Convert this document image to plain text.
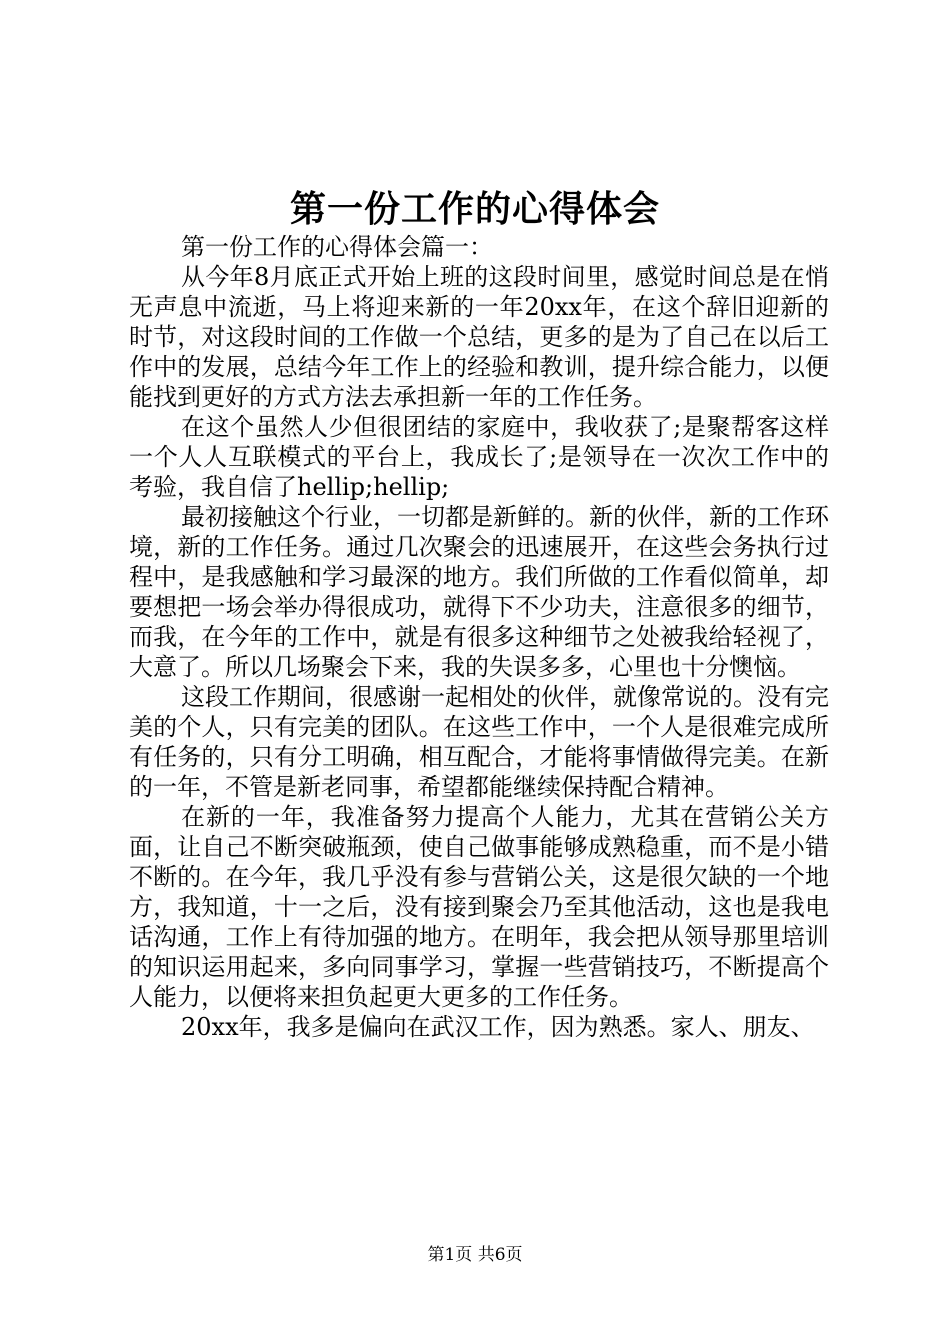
第一份工作的心得体会

第一份工作的心得体会篇一：

从今年8月底正式开始上班的这段时间里，感觉时间总是在悄无声息中流逝，马上将迎来新的一年20xx年，在这个辞旧迎新的时节，对这段时间的工作做一个总结，更多的是为了自己在以后工作中的发展，总结今年工作上的经验和教训，提升综合能力，以便能找到更好的方式方法去承担新一年的工作任务。

在这个虽然人少但很团结的家庭中，我收获了;是聚帮客这样一个人人互联模式的平台上，我成长了;是领导在一次次工作中的考验，我自信了hellip;hellip;

最初接触这个行业，一切都是新鲜的。新的伙伴，新的工作环境，新的工作任务。通过几次聚会的迅速展开，在这些会务执行过程中，是我感触和学习最深的地方。我们所做的工作看似简单，却要想把一场会举办得很成功，就得下不少功夫，注意很多的细节，而我，在今年的工作中，就是有很多这种细节之处被我给轻视了，大意了。所以几场聚会下来，我的失误多多，心里也十分懊恼。

这段工作期间，很感谢一起相处的伙伴，就像常说的。没有完美的个人，只有完美的团队。在这些工作中，一个人是很难完成所有任务的，只有分工明确，相互配合，才能将事情做得完美。在新的一年，不管是新老同事，希望都能继续保持配合精神。

在新的一年，我准备努力提高个人能力，尤其在营销公关方面，让自己不断突破瓶颈，使自己做事能够成熟稳重，而不是小错不断的。在今年，我几乎没有参与营销公关，这是很欠缺的一个地方，我知道，十一之后，没有接到聚会乃至其他活动，这也是我电话沟通，工作上有待加强的地方。在明年，我会把从领导那里培训的知识运用起来，多向同事学习，掌握一些营销技巧，不断提高个人能力，以便将来担负起更大更多的工作任务。

20xx年，我多是偏向在武汉工作，因为熟悉。家人、朋友、

第1页 共6页
